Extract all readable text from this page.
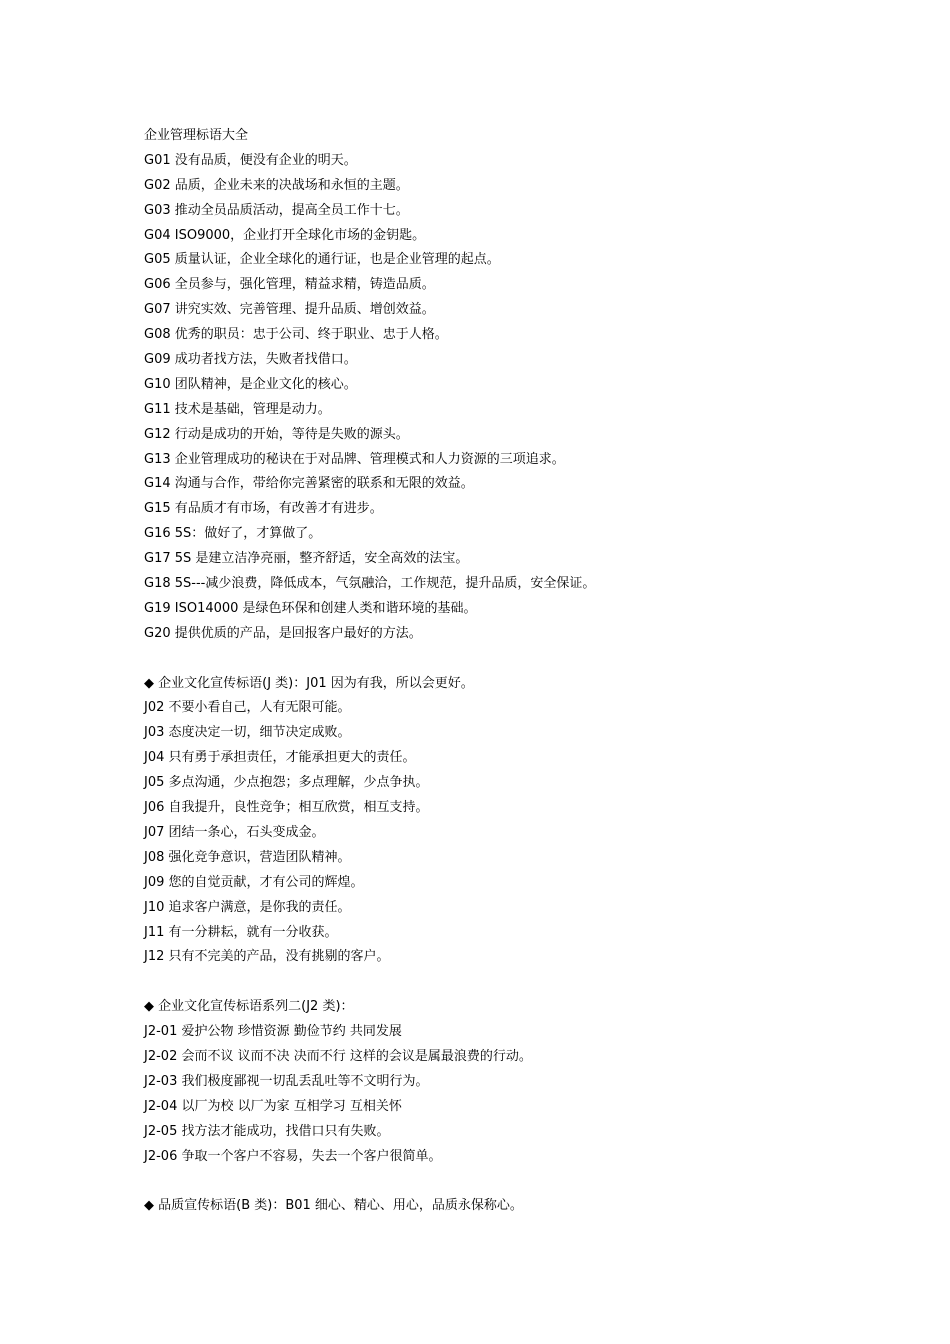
企业管理标语大全
G01 没有品质，便没有企业的明天。
G02 品质，企业未来的决战场和永恒的主题。
G03 推动全员品质活动，提高全员工作十七。
G04 ISO9000，企业打开全球化市场的金钥匙。
G05 质量认证，企业全球化的通行证，也是企业管理的起点。
G06 全员参与，强化管理，精益求精，铸造品质。
G07 讲究实效、完善管理、提升品质、增创效益。
G08 优秀的职员：忠于公司、终于职业、忠于人格。
G09 成功者找方法，失败者找借口。
G10 团队精神，是企业文化的核心。
G11 技术是基础，管理是动力。
G12 行动是成功的开始，等待是失败的源头。
G13 企业管理成功的秘诀在于对品牌、管理模式和人力资源的三项追求。
G14 沟通与合作，带给你完善紧密的联系和无限的效益。
G15 有品质才有市场，有改善才有进步。
G16 5S：做好了，才算做了。
G17 5S 是建立洁净亮丽，整齐舒适，安全高效的法宝。
G18 5S---减少浪费，降低成本，气氛融洽，工作规范，提升品质，安全保证。
G19 ISO14000 是绿色环保和创建人类和谐环境的基础。
G20 提供优质的产品，是回报客户最好的方法。
◆ 企业文化宣传标语(J 类)：J01 因为有我，所以会更好。
J02 不要小看自己，人有无限可能。
J03 态度决定一切，细节决定成败。
J04 只有勇于承担责任，才能承担更大的责任。
J05 多点沟通，少点抱怨；多点理解，少点争执。
J06 自我提升，良性竞争；相互欣赏，相互支持。
J07 团结一条心，石头变成金。
J08 强化竞争意识，营造团队精神。
J09 您的自觉贡献，才有公司的辉煌。
J10 追求客户满意，是你我的责任。
J11 有一分耕耘，就有一分收获。
J12 只有不完美的产品，没有挑剔的客户。
◆ 企业文化宣传标语系列二(J2 类)：
J2-01 爱护公物 珍惜资源 勤俭节约 共同发展
J2-02 会而不议 议而不决 决而不行 这样的会议是属最浪费的行动。
J2-03 我们极度鄙视一切乱丢乱吐等不文明行为。
J2-04 以厂为校 以厂为家 互相学习 互相关怀
J2-05 找方法才能成功，找借口只有失败。
J2-06 争取一个客户不容易，失去一个客户很简单。
◆ 品质宣传标语(B 类)：B01 细心、精心、用心，品质永保称心。
